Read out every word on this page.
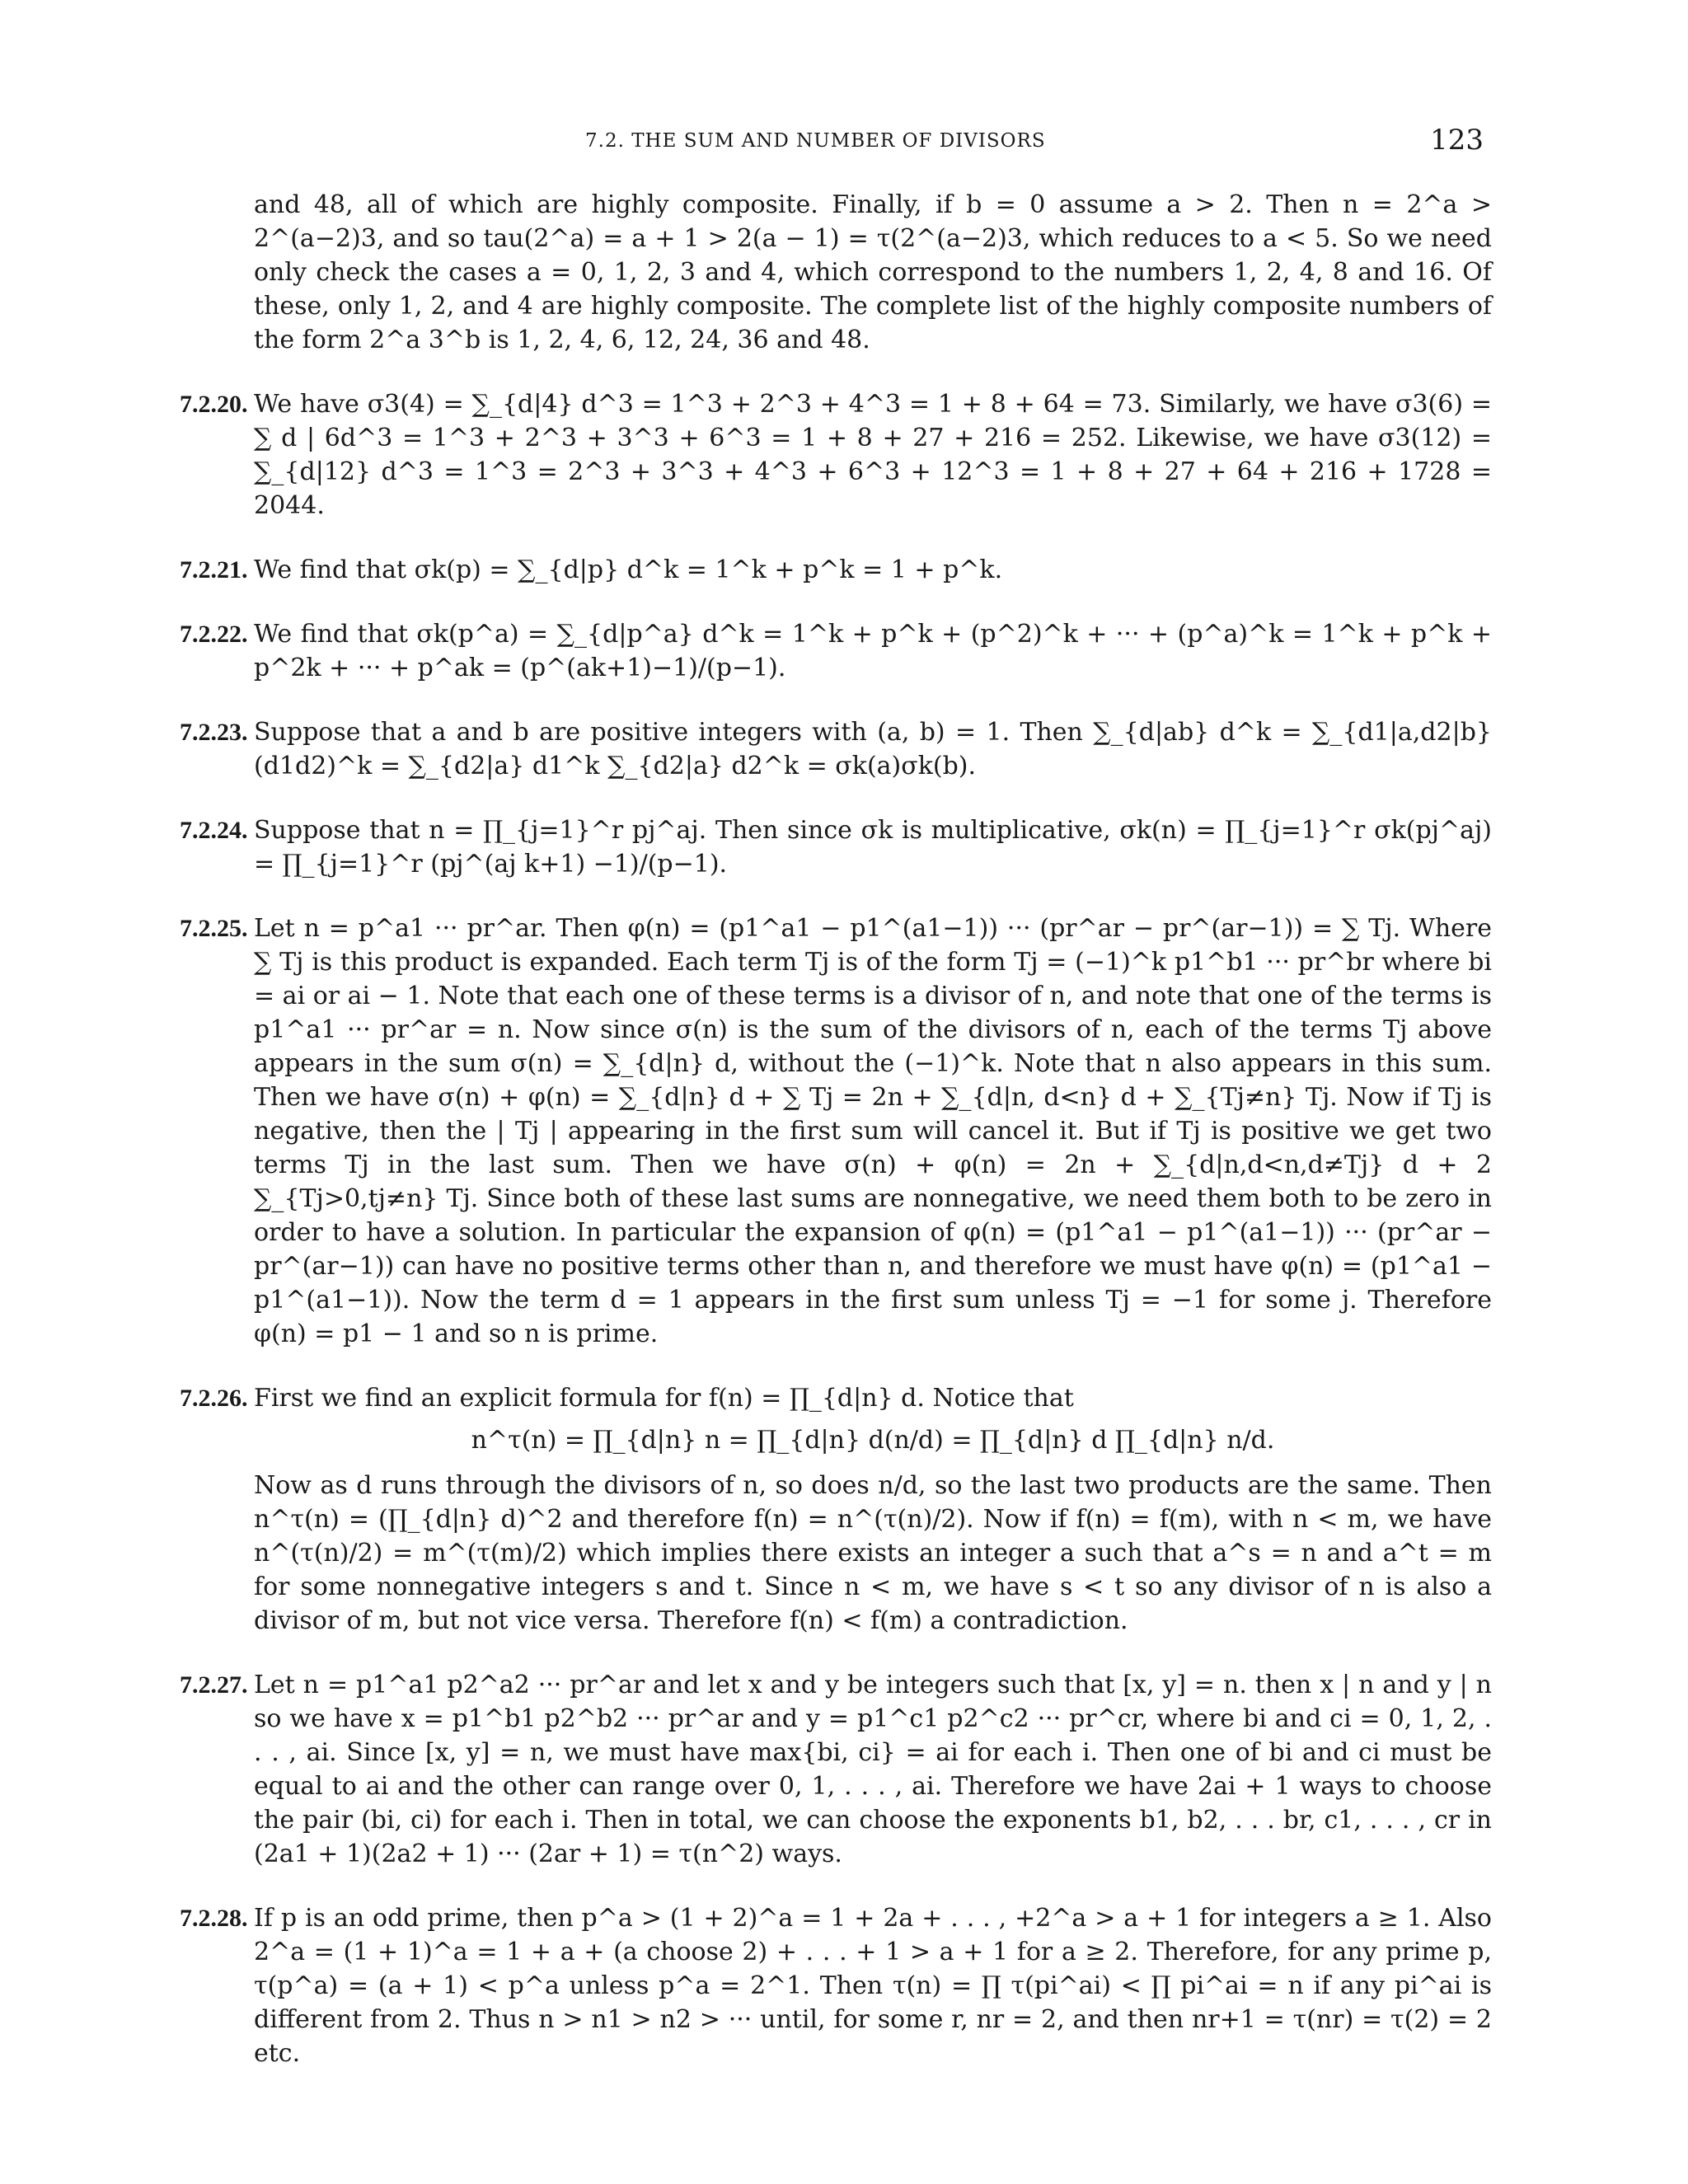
7.2. THE SUM AND NUMBER OF DIVISORS	123

and 48, all of which are highly composite. Finally, if b = 0 assume a > 2. Then n = 2^a > 2^(a−2)3, and so tau(2^a) = a + 1 > 2(a − 1) = τ(2^(a−2)3, which reduces to a < 5. So we need only check the cases a = 0, 1, 2, 3 and 4, which correspond to the numbers 1, 2, 4, 8 and 16. Of these, only 1, 2, and 4 are highly composite. The complete list of the highly composite numbers of the form 2^a 3^b is 1, 2, 4, 6, 12, 24, 36 and 48.

7.2.20. We have σ3(4) = ∑_{d|4} d^3 = 1^3 + 2^3 + 4^3 = 1 + 8 + 64 = 73. Similarly, we have σ3(6) = ∑ d | 6d^3 = 1^3 + 2^3 + 3^3 + 6^3 = 1 + 8 + 27 + 216 = 252. Likewise, we have σ3(12) = ∑_{d|12} d^3 = 1^3 = 2^3 + 3^3 + 4^3 + 6^3 + 12^3 = 1 + 8 + 27 + 64 + 216 + 1728 = 2044.
7.2.21. We find that σk(p) = ∑_{d|p} d^k = 1^k + p^k = 1 + p^k.
7.2.22. We find that σk(p^a) = ∑_{d|p^a} d^k = 1^k + p^k + (p^2)^k + ··· + (p^a)^k = 1^k + p^k + p^2k + ··· + p^ak = (p^(ak+1)−1)/(p−1).
7.2.23. Suppose that a and b are positive integers with (a, b) = 1. Then ∑_{d|ab} d^k = ∑_{d1|a,d2|b} (d1d2)^k = ∑_{d2|a} d1^k ∑_{d2|a} d2^k = σk(a)σk(b).
7.2.24. Suppose that n = ∏_{j=1}^r pj^aj. Then since σk is multiplicative, σk(n) = ∏_{j=1}^r σk(pj^aj) = ∏_{j=1}^r (pj^(aj k+1) −1)/(p−1).
7.2.25. Let n = p^a1 ··· pr^ar. Then φ(n) = (p1^a1 − p1^(a1−1)) ··· (pr^ar − pr^(ar−1)) = ∑ Tj. Where ∑ Tj is this product is expanded. Each term Tj is of the form Tj = (−1)^k p1^b1 ··· pr^br where bi = ai or ai − 1. Note that each one of these terms is a divisor of n, and note that one of the terms is p1^a1 ··· pr^ar = n. Now since σ(n) is the sum of the divisors of n, each of the terms Tj above appears in the sum σ(n) = ∑_{d|n} d, without the (−1)^k. Note that n also appears in this sum. Then we have σ(n) + φ(n) = ∑_{d|n} d + ∑ Tj = 2n + ∑_{d|n, d<n} d + ∑_{Tj≠n} Tj. Now if Tj is negative, then the | Tj | appearing in the first sum will cancel it. But if Tj is positive we get two terms Tj in the last sum. Then we have σ(n) + φ(n) = 2n + ∑_{d|n,d<n,d≠Tj} d + 2 ∑_{Tj>0,tj≠n} Tj. Since both of these last sums are nonnegative, we need them both to be zero in order to have a solution. In particular the expansion of φ(n) = (p1^a1 − p1^(a1−1)) ··· (pr^ar − pr^(ar−1)) can have no positive terms other than n, and therefore we must have φ(n) = (p1^a1 − p1^(a1−1)). Now the term d = 1 appears in the first sum unless Tj = −1 for some j. Therefore φ(n) = p1 − 1 and so n is prime.
7.2.26. First we find an explicit formula for f(n) = ∏_{d|n} d. Notice that
n^τ(n) = ∏_{d|n} n = ∏_{d|n} d(n/d) = ∏_{d|n} d ∏_{d|n} n/d.
Now as d runs through the divisors of n, so does n/d, so the last two products are the same. Then n^τ(n) = (∏_{d|n} d)^2 and therefore f(n) = n^(τ(n)/2). Now if f(n) = f(m), with n < m, we have n^(τ(n)/2) = m^(τ(m)/2) which implies there exists an integer a such that a^s = n and a^t = m for some nonnegative integers s and t. Since n < m, we have s < t so any divisor of n is also a divisor of m, but not vice versa. Therefore f(n) < f(m) a contradiction.
7.2.27. Let n = p1^a1 p2^a2 ··· pr^ar and let x and y be integers such that [x, y] = n. then x | n and y | n so we have x = p1^b1 p2^b2 ··· pr^ar and y = p1^c1 p2^c2 ··· pr^cr, where bi and ci = 0, 1, 2, . . . , ai. Since [x, y] = n, we must have max{bi, ci} = ai for each i. Then one of bi and ci must be equal to ai and the other can range over 0, 1, . . . , ai. Therefore we have 2ai + 1 ways to choose the pair (bi, ci) for each i. Then in total, we can choose the exponents b1, b2, . . . br, c1, . . . , cr in (2a1 + 1)(2a2 + 1) ··· (2ar + 1) = τ(n^2) ways.
7.2.28. If p is an odd prime, then p^a > (1 + 2)^a = 1 + 2a + . . . , +2^a > a + 1 for integers a ≥ 1. Also 2^a = (1 + 1)^a = 1 + a + (a choose 2) + . . . + 1 > a + 1 for a ≥ 2. Therefore, for any prime p, τ(p^a) = (a + 1) < p^a unless p^a = 2^1. Then τ(n) = ∏ τ(pi^ai) < ∏ pi^ai = n if any pi^ai is different from 2. Thus n > n1 > n2 > ··· until, for some r, nr = 2, and then nr+1 = τ(nr) = τ(2) = 2 etc.
